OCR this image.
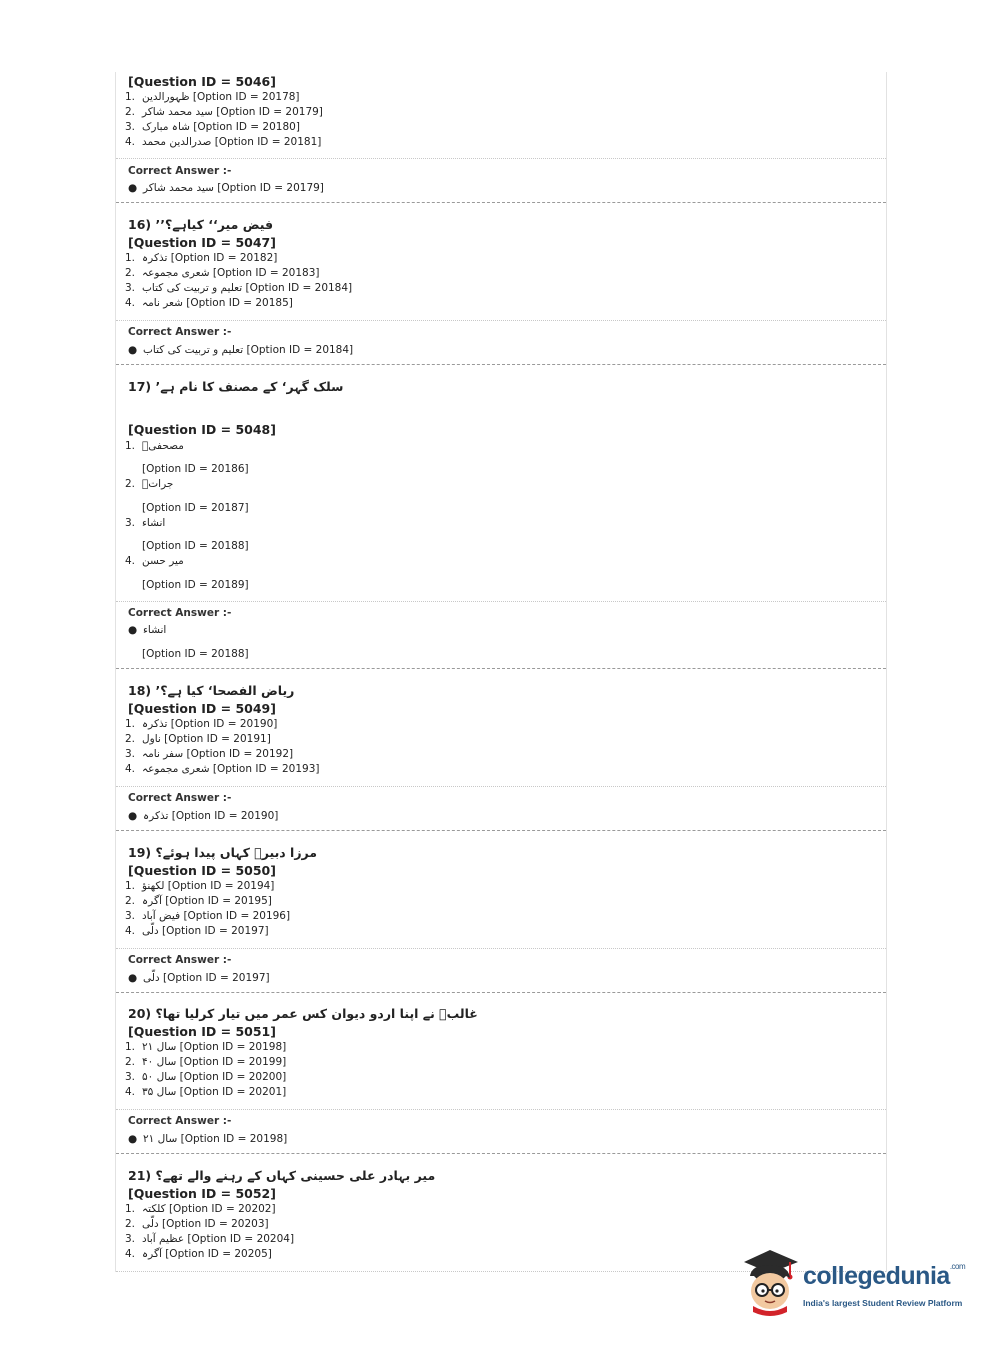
[Question ID = 5046]
1. ظہورالدین [Option ID = 20178]
2. سید محمد شاکر [Option ID = 20179]
3. شاہ مبارک [Option ID = 20180]
4. صدرالدین محمد [Option ID = 20181]
Correct Answer :-
● سید محمد شاکر [Option ID = 20179]
16) ’’فیض میر‘‘ کیاہے؟
[Question ID = 5047]
1. تذکرہ [Option ID = 20182]
2. شعری مجموعہ [Option ID = 20183]
3. تعلیم و تربیت کی کتاب [Option ID = 20184]
4. شعر نامہ [Option ID = 20185]
Correct Answer :-
● تعلیم و تربیت کی کتاب [Option ID = 20184]
17) ’سلک گہر‘ کے مصنف کا نام ہے
[Question ID = 5048]
1. مصحفیؔ
[Option ID = 20186]
2. جراتؔ
[Option ID = 20187]
3. انشاء
[Option ID = 20188]
4. میر حسن
[Option ID = 20189]
Correct Answer :-
● انشاء
[Option ID = 20188]
18) ’ریاض الفصحا‘ کیا ہے؟
[Question ID = 5049]
1. تذکرہ [Option ID = 20190]
2. ناول [Option ID = 20191]
3. سفر نامہ [Option ID = 20192]
4. شعری مجموعہ [Option ID = 20193]
Correct Answer :-
● تذکرہ [Option ID = 20190]
19) مرزا دبیرؔ کہاں پیدا ہوئے؟
[Question ID = 5050]
1. لکھنؤ [Option ID = 20194]
2. آگرہ [Option ID = 20195]
3. فیض آباد [Option ID = 20196]
4. دلّی [Option ID = 20197]
Correct Answer :-
● دلّی [Option ID = 20197]
20) غالبؔ نے اپنا اردو دیوان کس عمر میں تیار کرلیا تھا؟
[Question ID = 5051]
1. ۲۱ سال [Option ID = 20198]
2. ۴۰ سال [Option ID = 20199]
3. ۵۰ سال [Option ID = 20200]
4. ۳۵ سال [Option ID = 20201]
Correct Answer :-
● ۲۱ سال [Option ID = 20198]
21) میر بہادر علی حسینی کہاں کے رہنے والے تھے؟
[Question ID = 5052]
1. کلکتہ [Option ID = 20202]
2. دلّی [Option ID = 20203]
3. عظیم آباد [Option ID = 20204]
4. آگرہ [Option ID = 20205]
collegedunia$^{.com}$
India's largest Student Review Platform
